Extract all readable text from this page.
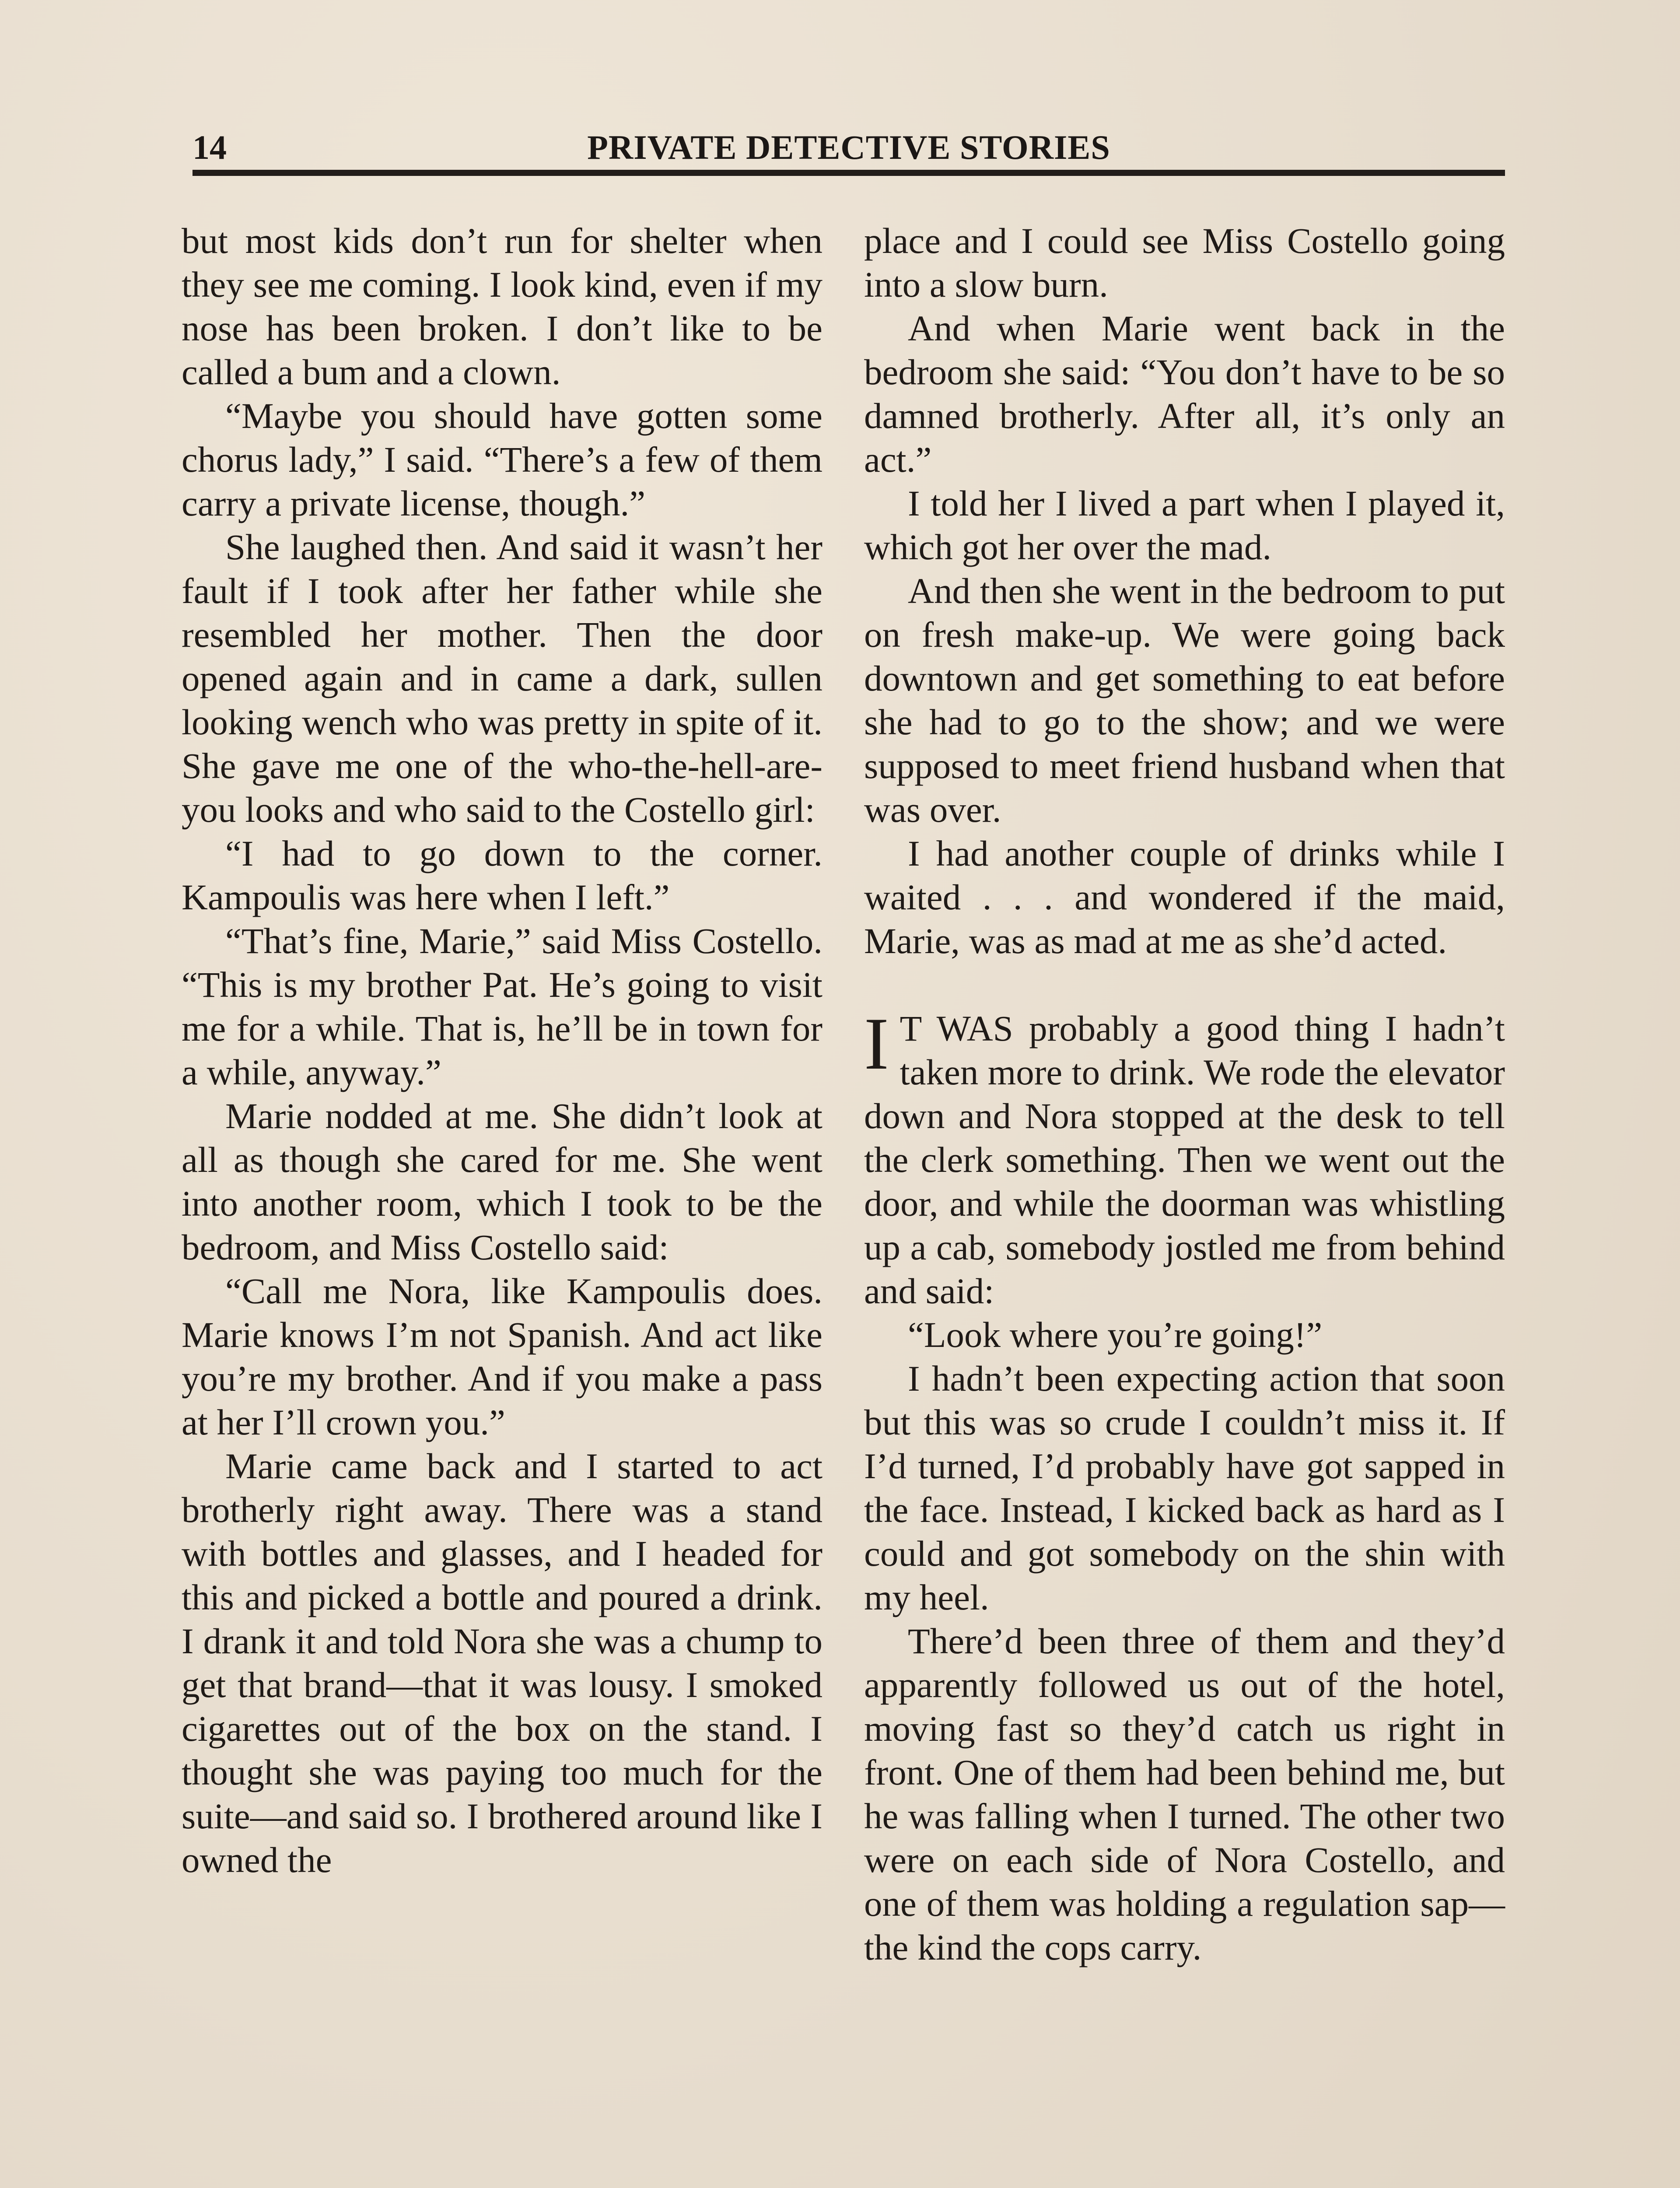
14	PRIVATE DETECTIVE STORIES

but most kids don’t run for shelter when they see me coming. I look kind, even if my nose has been broken. I don’t like to be called a bum and a clown.

“Maybe you should have gotten some chorus lady,” I said. “There’s a few of them carry a private license, though.”

She laughed then. And said it wasn’t her fault if I took after her father while she resembled her mother. Then the door opened again and in came a dark, sullen looking wench who was pretty in spite of it. She gave me one of the who-the-hell-are-you looks and who said to the Costello girl:

“I had to go down to the corner. Kampoulis was here when I left.”

“That’s fine, Marie,” said Miss Costello. “This is my brother Pat. He’s going to visit me for a while. That is, he’ll be in town for a while, anyway.”

Marie nodded at me. She didn’t look at all as though she cared for me. She went into another room, which I took to be the bedroom, and Miss Costello said:

“Call me Nora, like Kampoulis does. Marie knows I’m not Spanish. And act like you’re my brother. And if you make a pass at her I’ll crown you.”

Marie came back and I started to act brotherly right away. There was a stand with bottles and glasses, and I headed for this and picked a bottle and poured a drink. I drank it and told Nora she was a chump to get that brand—that it was lousy. I smoked cigarettes out of the box on the stand. I thought she was paying too much for the suite—and said so. I brothered around like I owned the

place and I could see Miss Costello going into a slow burn.

And when Marie went back in the bedroom she said: “You don’t have to be so damned brotherly. After all, it’s only an act.”

I told her I lived a part when I played it, which got her over the mad.

And then she went in the bedroom to put on fresh make-up. We were going back downtown and get something to eat before she had to go to the show; and we were supposed to meet friend husband when that was over.

I had another couple of drinks while I waited . . . and wondered if the maid, Marie, was as mad at me as she’d acted.

I T WAS probably a good thing I hadn’t taken more to drink. We rode the elevator down and Nora stopped at the desk to tell the clerk something. Then we went out the door, and while the doorman was whistling up a cab, somebody jostled me from behind and said:

“Look where you’re going!”

I hadn’t been expecting action that soon but this was so crude I couldn’t miss it. If I’d turned, I’d probably have got sapped in the face. Instead, I kicked back as hard as I could and got somebody on the shin with my heel.

There’d been three of them and they’d apparently followed us out of the hotel, moving fast so they’d catch us right in front. One of them had been behind me, but he was falling when I turned. The other two were on each side of Nora Costello, and one of them was holding a regulation sap—the kind the cops carry.
